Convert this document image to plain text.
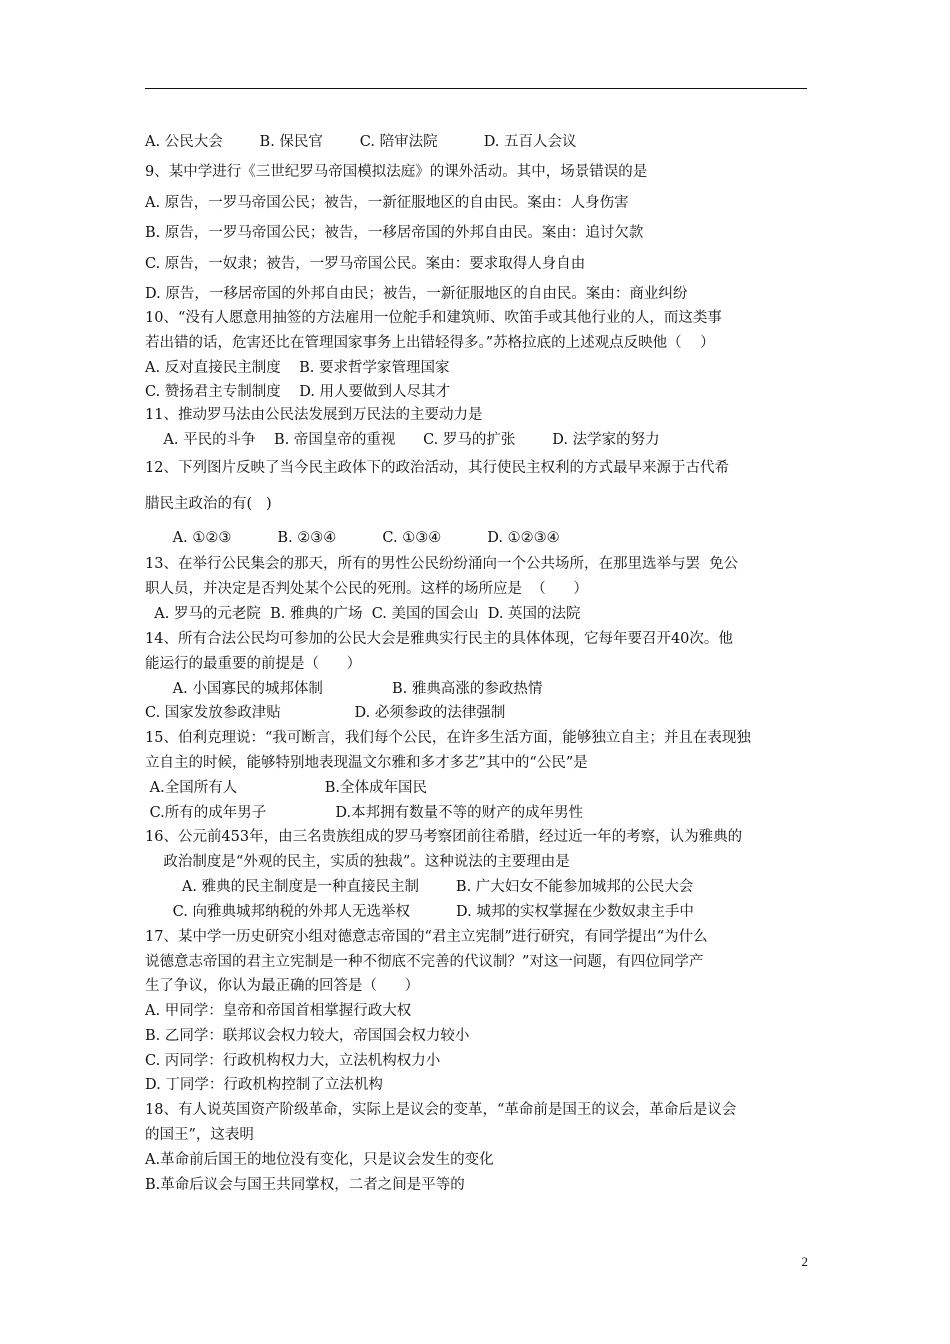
A. 公民大会        B. 保民官        C. 陪审法院          D. 五百人会议
9、某中学进行《三世纪罗马帝国模拟法庭》的课外活动。其中，场景错误的是
A. 原告，一罗马帝国公民；被告，一新征服地区的自由民。案由：人身伤害
B. 原告，一罗马帝国公民；被告，一移居帝国的外邦自由民。案由：追讨欠款
C. 原告，一奴隶；被告，一罗马帝国公民。案由：要求取得人身自由
D. 原告，一移居帝国的外邦自由民；被告，一新征服地区的自由民。案由：商业纠纷
10、“没有人愿意用抽签的方法雇用一位舵手和建筑师、吹笛手或其他行业的人，而这类事
若出错的话，危害还比在管理国家事务上出错轻得多。”苏格拉底的上述观点反映他（    ）
A. 反对直接民主制度    B. 要求哲学家管理国家
C. 赞扬君主专制制度    D. 用人要做到人尽其才
11、推动罗马法由公民法发展到万民法的主要动力是
A. 平民的斗争    B. 帝国皇帝的重视      C. 罗马的扩张        D. 法学家的努力
12、下列图片反映了当今民主政体下的政治活动，其行使民主权利的方式最早来源于古代希
腊民主政治的有(   )
A. ①②③          B. ②③④          C. ①③④          D. ①②③④
13、在举行公民集会的那天，所有的男性公民纷纷涌向一个公共场所，在那里选举与罢  免公
职人员，并决定是否判处某个公民的死刑。这样的场所应是  （      ）
A. 罗马的元老院  B. 雅典的广场  C. 美国的国会山  D. 英国的法院
14、所有合法公民均可参加的公民大会是雅典实行民主的具体体现，它每年要召开40次。他
能运行的最重要的前提是（      ）
A. 小国寡民的城邦体制               B. 雅典高涨的参政热情
C. 国家发放参政津贴                D. 必须参政的法律强制
15、伯利克理说：“我可断言，我们每个公民，在许多生活方面，能够独立自主；并且在表现独
立自主的时候，能够特别地表现温文尔雅和多才多艺”其中的“公民”是
A.全国所有人                   B.全体成年国民
C.所有的成年男子               D.本邦拥有数量不等的财产的成年男性
16、公元前453年，由三名贵族组成的罗马考察团前往希腊，经过近一年的考察，认为雅典的
政治制度是“外观的民主，实质的独裁”。这种说法的主要理由是
A. 雅典的民主制度是一种直接民主制        B. 广大妇女不能参加城邦的公民大会
C. 向雅典城邦纳税的外邦人无选举权          D. 城邦的实权掌握在少数奴隶主手中
17、某中学一历史研究小组对德意志帝国的“君主立宪制”进行研究，有同学提出“为什么
说德意志帝国的君主立宪制是一种不彻底不完善的代议制？”对这一问题，有四位同学产
生了争议，你认为最正确的回答是（      ）
A. 甲同学：皇帝和帝国首相掌握行政大权
B. 乙同学：联邦议会权力较大，帝国国会权力较小
C. 丙同学：行政机构权力大，立法机构权力小
D. 丁同学：行政机构控制了立法机构
18、有人说英国资产阶级革命，实际上是议会的变革，“革命前是国王的议会，革命后是议会
的国王”，这表明
A.革命前后国王的地位没有变化，只是议会发生的变化
B.革命后议会与国王共同掌权，二者之间是平等的
2
